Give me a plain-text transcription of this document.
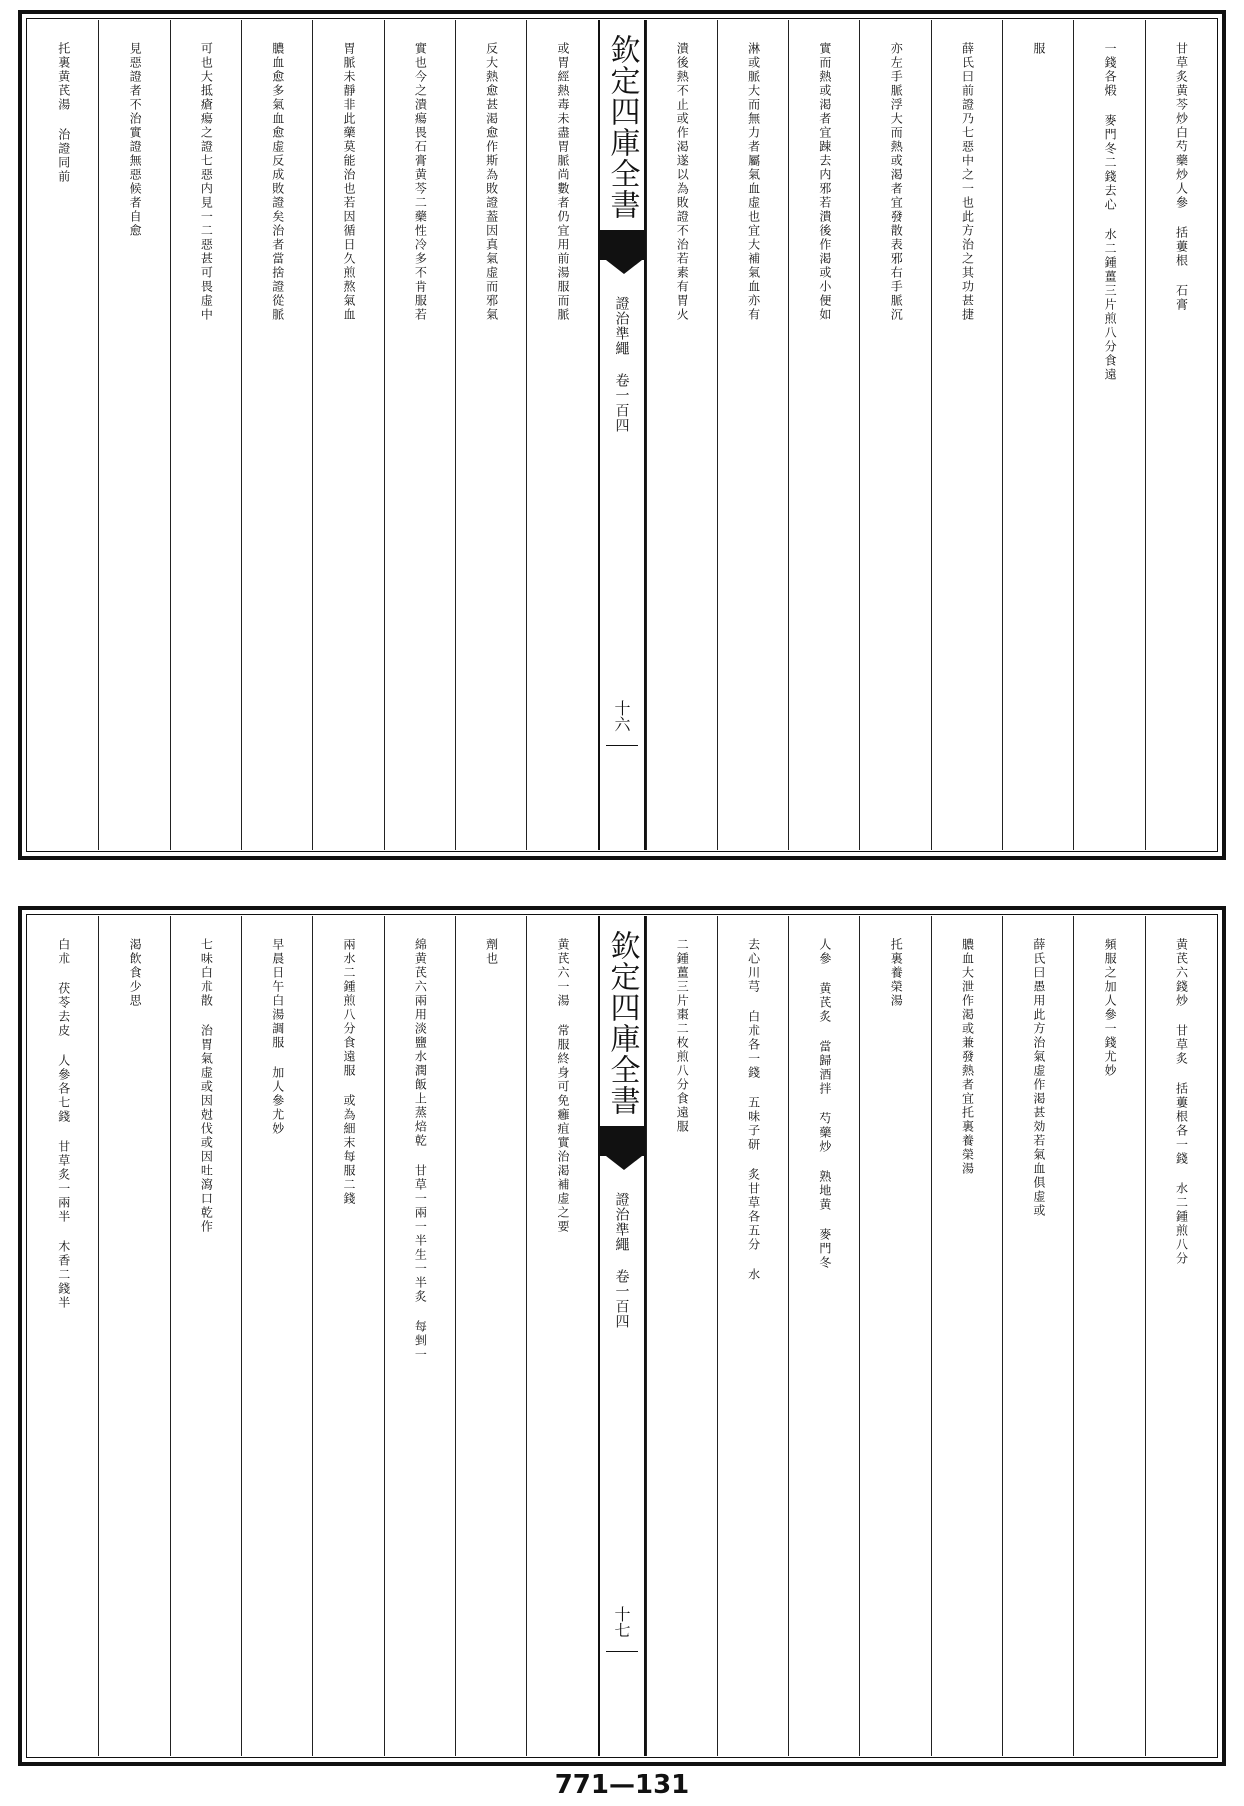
甘草炙黄芩炒白芍藥炒人參 括蔞根 石膏
一錢各煅 麥門冬二錢去心 水二鍾薑三片煎八分食遠
服
薛氏曰前證乃七惡中之一也此方治之其功甚捷
亦左手脈浮大而熱或渇者宜發散表邪右手脈沉
實而熱或渇者宜踈去内邪若潰後作渇或小便如
淋或脈大而無力者屬氣血虚也宜大補氣血亦有
潰後熱不止或作渇遂以為敗證不治若素有胃火
欽定四庫全書
證治準繩 卷一百四
十六
或胃經熱毒未盡胃脈尚數者仍宜用前湯服而脈
反大熱愈甚渇愈作斯為敗證葢因真氣虚而邪氣
實也今之潰瘍畏石膏黄芩二藥性冷多不肯服若
胃脈未靜非此藥莫能治也若因循日久煎熬氣血
膿血愈多氣血愈虚反成敗證矣治者當捨證從脈
可也大抵瘡瘍之證七惡内見一二惡甚可畏虚中
見惡證者不治實證無惡候者自愈
托裏黄芪湯 治證同前
黄芪六錢炒 甘草炙 括蔞根各一錢 水二鍾煎八分
頻服之加人參一錢尤妙
薛氏曰愚用此方治氣虚作渇甚効若氣血俱虚或
膿血大泄作渇或兼發熱者宜托裏養榮湯
托裏養榮湯
人參 黄芪炙 當歸酒拌 芍藥炒 熟地黄 麥門冬
去心川芎 白朮各一錢 五味子研 炙甘草各五分 水
二鍾薑三片棗二枚煎八分食遠服
欽定四庫全書
證治準繩 卷一百四
十七
黄芪六一湯 常服終身可免癰疽實治渇補虚之要
劑也
綿黄芪六兩用淡鹽水潤飯上蒸焙乾 甘草一兩一半生一半炙 每剉一
兩水二鍾煎八分食遠服 或為細末每服二錢
早晨日午白湯調服 加人參尤妙
七味白朮散 治胃氣虚或因尅伐或因吐瀉口乾作
渇飲食少思
白朮 茯苓去皮 人參各七錢 甘草炙一兩半 木香二錢半
771—131
